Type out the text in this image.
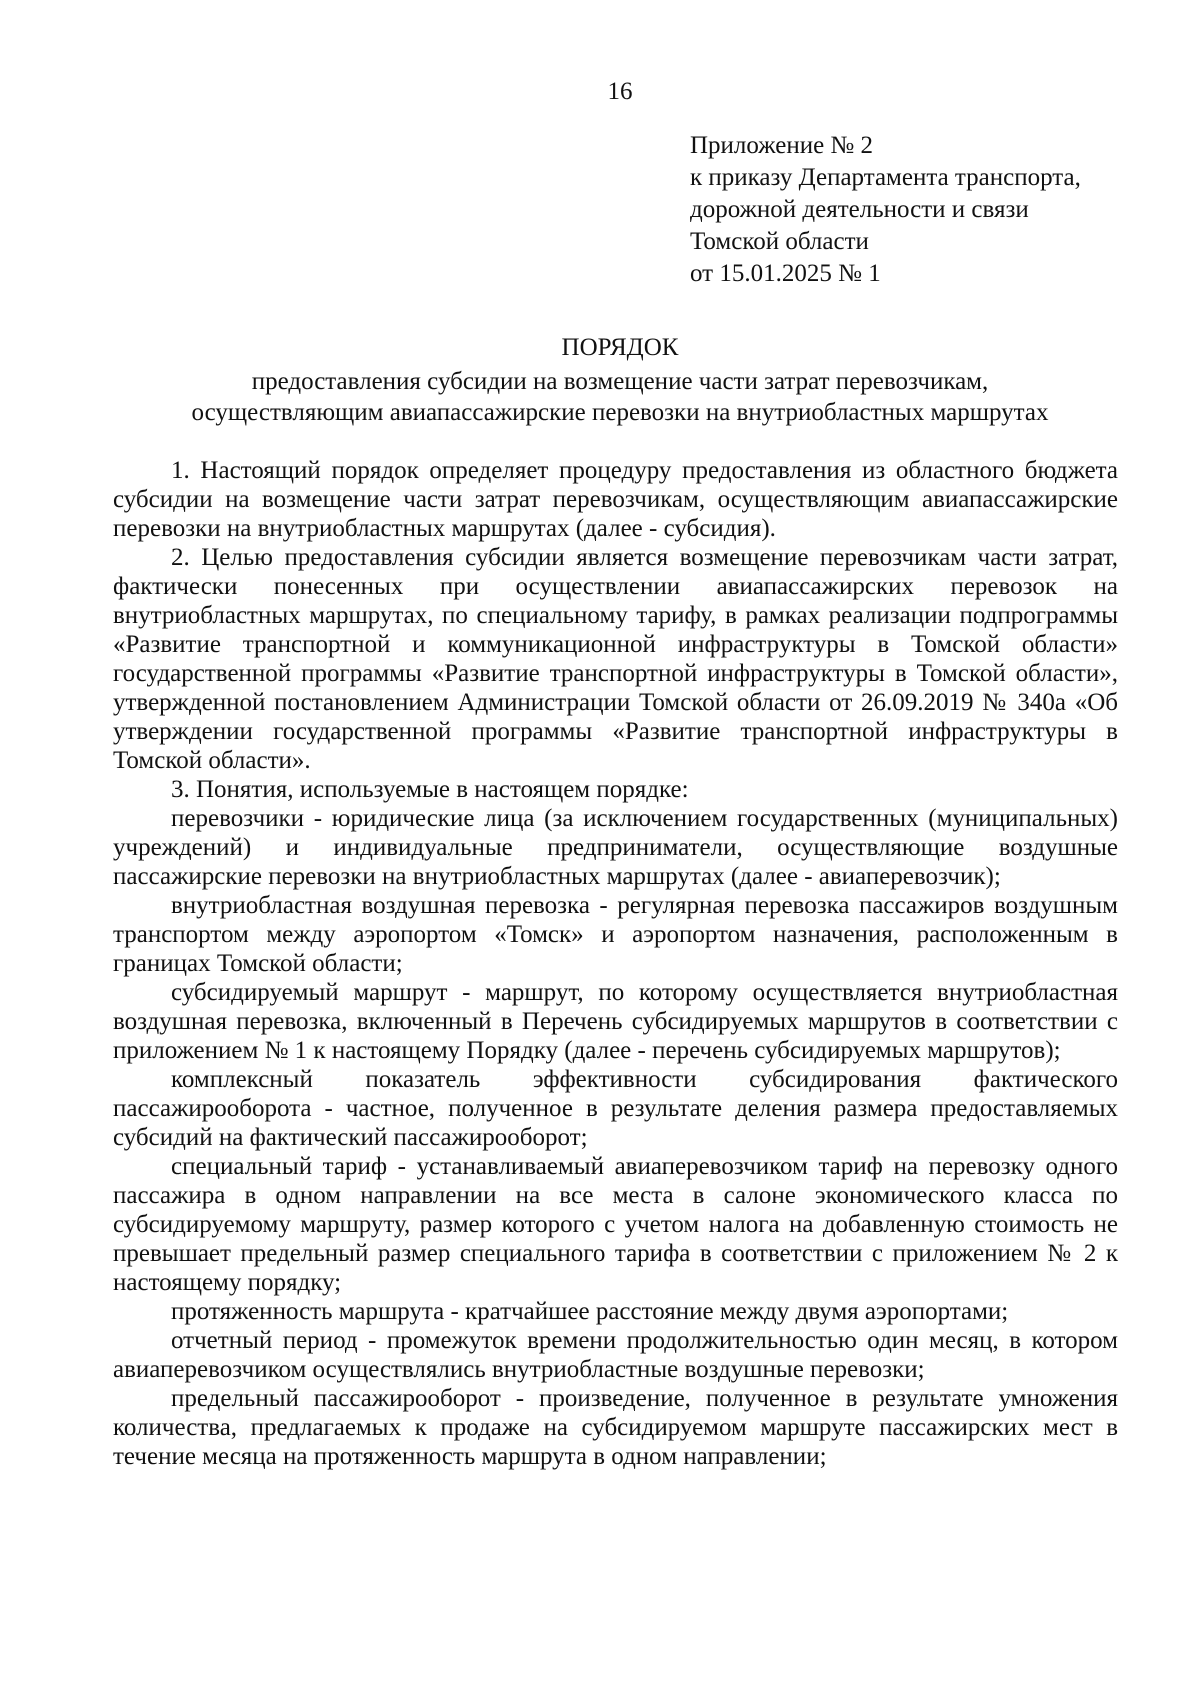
16
Приложение № 2
к приказу Департамента транспорта,
дорожной деятельности и связи
Томской области
от 15.01.2025 № 1
ПОРЯДОК
предоставления субсидии на возмещение части затрат перевозчикам,
осуществляющим авиапассажирские перевозки на внутриобластных маршрутах

1. Настоящий порядок определяет процедуру предоставления из областного бюджета субсидии на возмещение части затрат перевозчикам, осуществляющим авиапассажирские перевозки на внутриобластных маршрутах (далее - субсидия).

2. Целью предоставления субсидии является возмещение перевозчикам части затрат, фактически понесенных при осуществлении авиапассажирских перевозок на внутриобластных маршрутах, по специальному тарифу, в рамках реализации подпрограммы «Развитие транспортной и коммуникационной инфраструктуры в Томской области» государственной программы «Развитие транспортной инфраструктуры в Томской области», утвержденной постановлением Администрации Томской области от 26.09.2019 № 340а «Об утверждении государственной программы «Развитие транспортной инфраструктуры в Томской области».

3. Понятия, используемые в настоящем порядке:

перевозчики - юридические лица (за исключением государственных (муниципальных) учреждений) и индивидуальные предприниматели, осуществляющие воздушные пассажирские перевозки на внутриобластных маршрутах (далее - авиаперевозчик);

внутриобластная воздушная перевозка - регулярная перевозка пассажиров воздушным транспортом между аэропортом «Томск» и аэропортом назначения, расположенным в границах Томской области;

субсидируемый маршрут - маршрут, по которому осуществляется внутриобластная воздушная перевозка, включенный в Перечень субсидируемых маршрутов в соответствии с приложением № 1 к настоящему Порядку (далее - перечень субсидируемых маршрутов);

комплексный показатель эффективности субсидирования фактического пассажирооборота - частное, полученное в результате деления размера предоставляемых субсидий на фактический пассажирооборот;

специальный тариф - устанавливаемый авиаперевозчиком тариф на перевозку одного пассажира в одном направлении на все места в салоне экономического класса по субсидируемому маршруту, размер которого с учетом налога на добавленную стоимость не превышает предельный размер специального тарифа в соответствии с приложением № 2 к настоящему порядку;

протяженность маршрута - кратчайшее расстояние между двумя аэропортами;

отчетный период - промежуток времени продолжительностью один месяц, в котором авиаперевозчиком осуществлялись внутриобластные воздушные перевозки;

предельный пассажирооборот - произведение, полученное в результате умножения количества, предлагаемых к продаже на субсидируемом маршруте пассажирских мест в течение месяца на протяженность маршрута в одном направлении;
